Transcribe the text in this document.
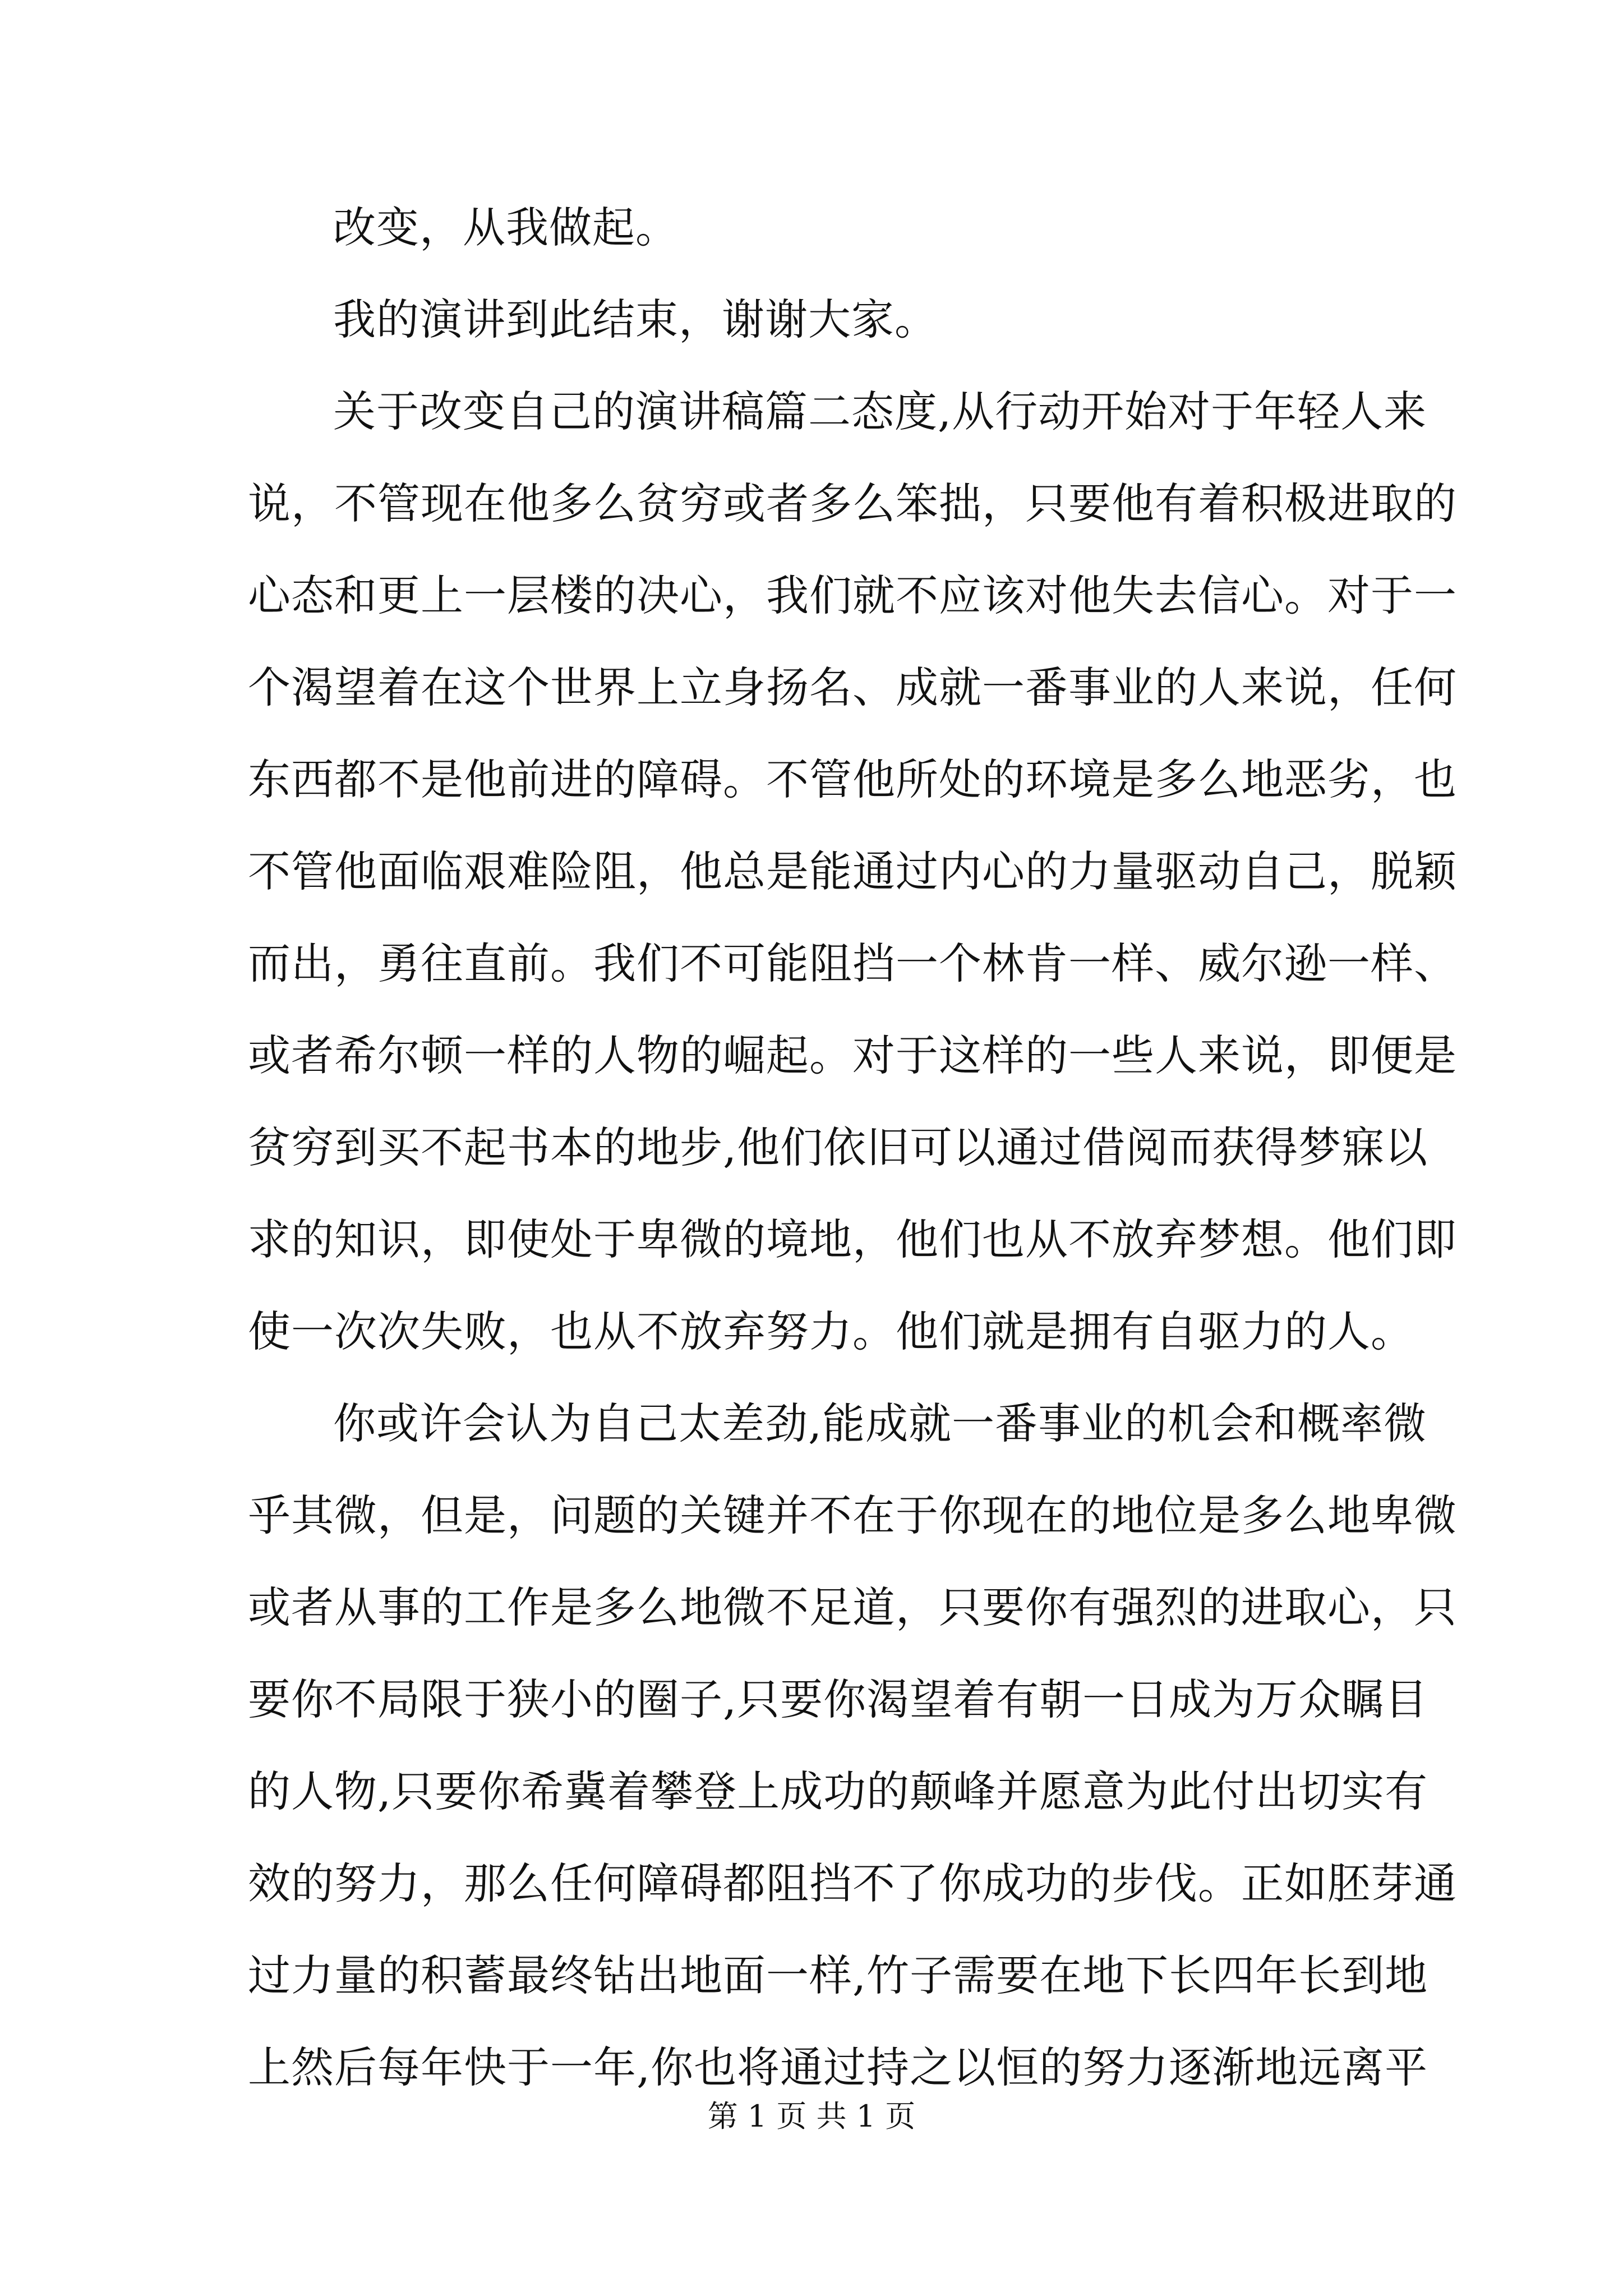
改变，从我做起。
我的演讲到此结束，谢谢大家。
关于改变自己的演讲稿篇二态度,从行动开始对于年轻人来
说，不管现在他多么贫穷或者多么笨拙，只要他有着积极进取的
心态和更上一层楼的决心，我们就不应该对他失去信心。对于一
个渴望着在这个世界上立身扬名、成就一番事业的人来说，任何
东西都不是他前进的障碍。不管他所处的环境是多么地恶劣，也
不管他面临艰难险阻，他总是能通过内心的力量驱动自己，脱颖
而出，勇往直前。我们不可能阻挡一个林肯一样、威尔逊一样、
或者希尔顿一样的人物的崛起。对于这样的一些人来说，即便是
贫穷到买不起书本的地步,他们依旧可以通过借阅而获得梦寐以
求的知识，即使处于卑微的境地，他们也从不放弃梦想。他们即
使一次次失败，也从不放弃努力。他们就是拥有自驱力的人。
你或许会认为自己太差劲,能成就一番事业的机会和概率微
乎其微，但是，问题的关键并不在于你现在的地位是多么地卑微
或者从事的工作是多么地微不足道，只要你有强烈的进取心，只
要你不局限于狭小的圈子,只要你渴望着有朝一日成为万众瞩目
的人物,只要你希冀着攀登上成功的颠峰并愿意为此付出切实有
效的努力，那么任何障碍都阻挡不了你成功的步伐。正如胚芽通
过力量的积蓄最终钻出地面一样,竹子需要在地下长四年长到地
上然后每年快于一年,你也将通过持之以恒的努力逐渐地远离平
第 1 页 共 1 页
